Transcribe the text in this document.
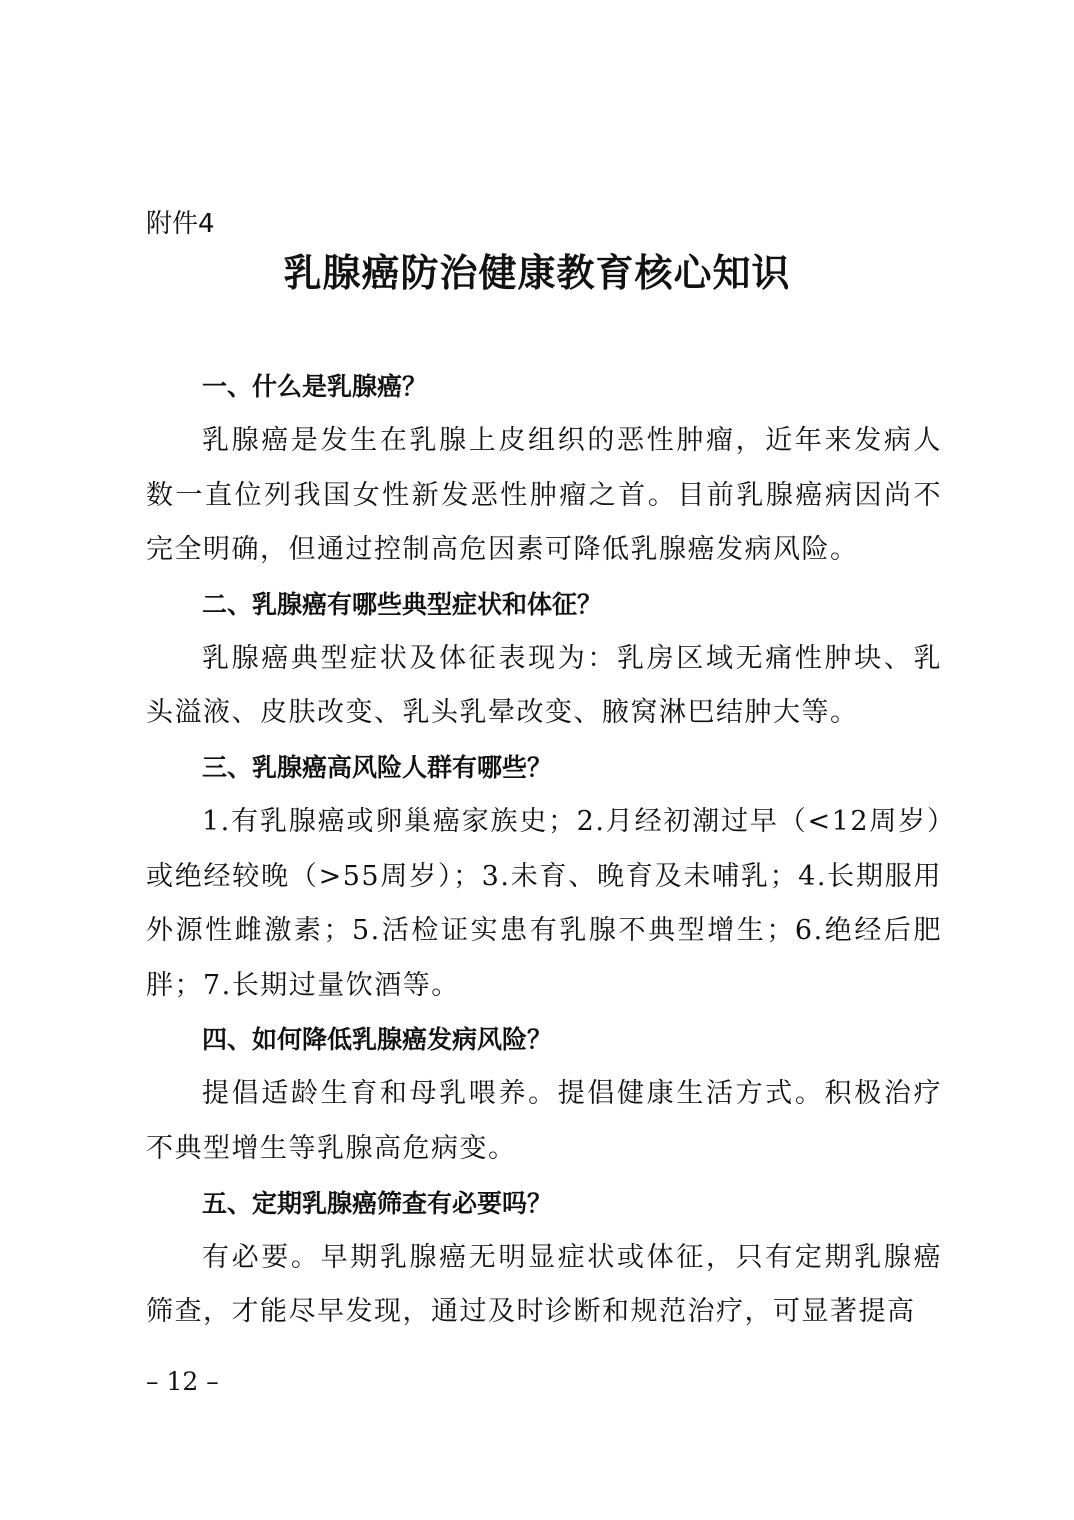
附件4
乳腺癌防治健康教育核心知识
一、什么是乳腺癌？

乳腺癌是发生在乳腺上皮组织的恶性肿瘤，近年来发病人数一直位列我国女性新发恶性肿瘤之首。目前乳腺癌病因尚不完全明确，但通过控制高危因素可降低乳腺癌发病风险。

二、乳腺癌有哪些典型症状和体征？

乳腺癌典型症状及体征表现为：乳房区域无痛性肿块、乳头溢液、皮肤改变、乳头乳晕改变、腋窝淋巴结肿大等。

三、乳腺癌高风险人群有哪些？

1.有乳腺癌或卵巢癌家族史；2.月经初潮过早（<12周岁）或绝经较晚（>55周岁）；3.未育、晚育及未哺乳；4.长期服用外源性雌激素；5.活检证实患有乳腺不典型增生；6.绝经后肥胖；7.长期过量饮酒等。

四、如何降低乳腺癌发病风险？

提倡适龄生育和母乳喂养。提倡健康生活方式。积极治疗不典型增生等乳腺高危病变。

五、定期乳腺癌筛查有必要吗？

有必要。早期乳腺癌无明显症状或体征，只有定期乳腺癌筛查，才能尽早发现，通过及时诊断和规范治疗，可显著提高

– 12 –
